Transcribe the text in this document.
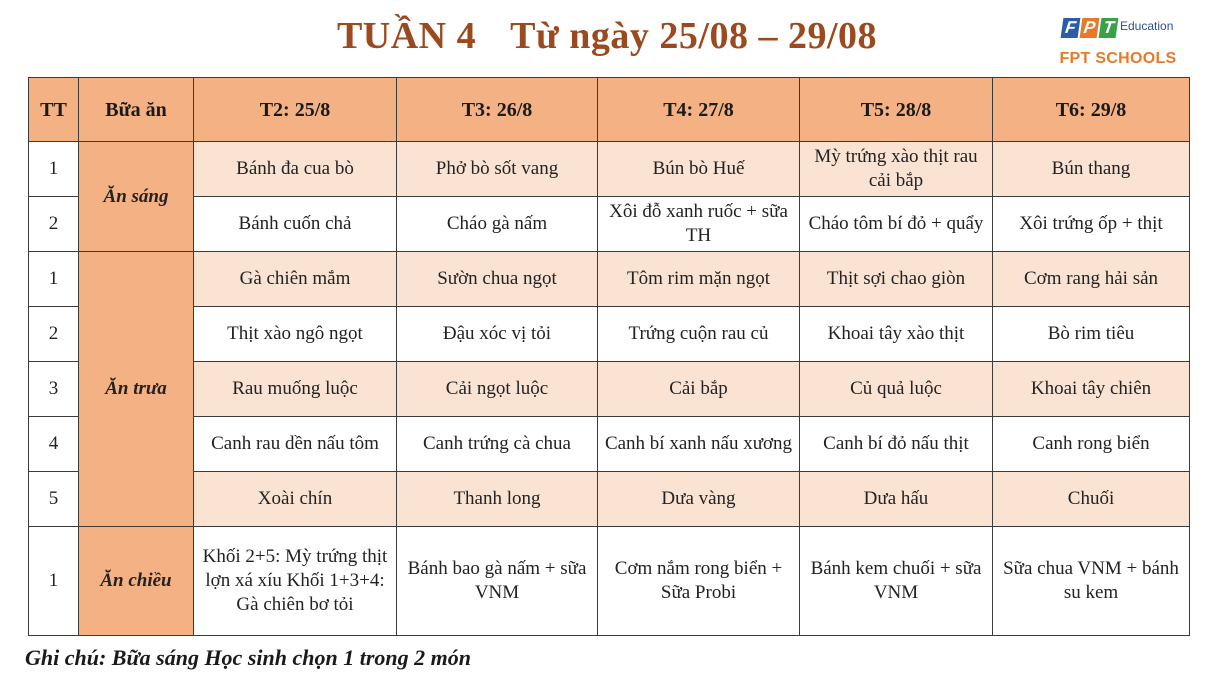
TUẦN 4 Từ ngày 25/08 – 29/08	F P T Education
FPT SCHOOLS
TT	Bữa ăn	T2: 25/8	T3: 26/8	T4: 27/8	T5: 28/8	T6: 29/8
1	Ăn sáng	Bánh đa cua bò	Phở bò sốt vang	Bún bò Huế	Mỳ trứng xào thịt rau cải bắp	Bún thang
2		Bánh cuốn chả	Cháo gà nấm	Xôi đỗ xanh ruốc + sữa TH	Cháo tôm bí đỏ + quẩy	Xôi trứng ốp + thịt
1	Ăn trưa	Gà chiên mắm	Sườn chua ngọt	Tôm rim mặn ngọt	Thịt sợi chao giòn	Cơm rang hải sản
2		Thịt xào ngô ngọt	Đậu xóc vị tỏi	Trứng cuộn rau củ	Khoai tây xào thịt	Bò rim tiêu
3		Rau muống luộc	Cải ngọt luộc	Cải bắp	Củ quả luộc	Khoai tây chiên
4		Canh rau dền nấu tôm	Canh trứng cà chua	Canh bí xanh nấu xương	Canh bí đỏ nấu thịt	Canh rong biển
5		Xoài chín	Thanh long	Dưa vàng	Dưa hấu	Chuối
1	Ăn chiều	Khối 2+5: Mỳ trứng thịt lợn xá xíu Khối 1+3+4: Gà chiên bơ tỏi	Bánh bao gà nấm + sữa VNM	Cơm nắm rong biển + Sữa Probi	Bánh kem chuối + sữa VNM	Sữa chua VNM + bánh su kem
Ghi chú: Bữa sáng Học sinh chọn 1 trong 2 món
